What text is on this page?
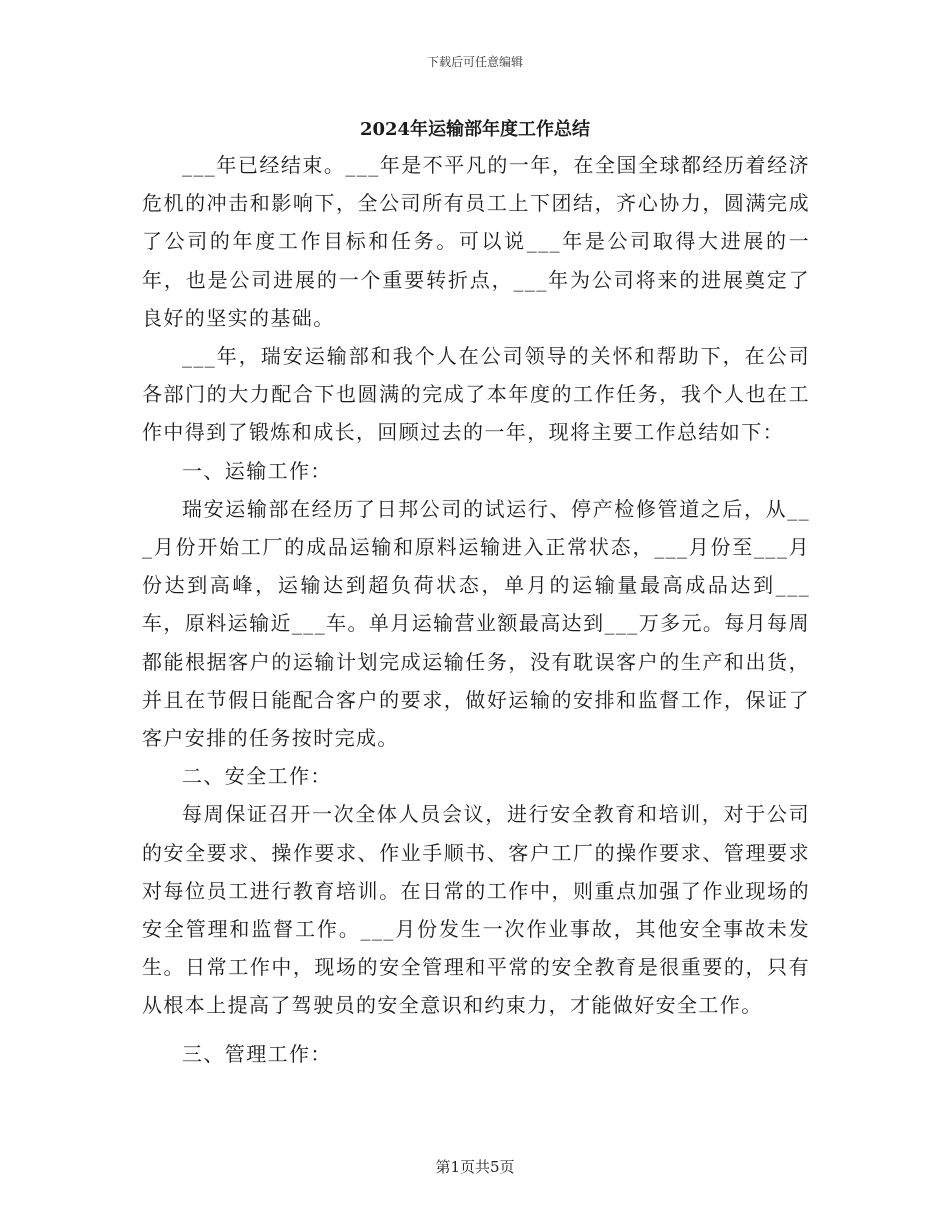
下载后可任意编辑
2024年运输部年度工作总结

___年已经结束。___年是不平凡的一年，在全国全球都经历着经济危机的冲击和影响下，全公司所有员工上下团结，齐心协力，圆满完成了公司的年度工作目标和任务。可以说___年是公司取得大进展的一年，也是公司进展的一个重要转折点，___年为公司将来的进展奠定了良好的坚实的基础。

___年，瑞安运输部和我个人在公司领导的关怀和帮助下，在公司各部门的大力配合下也圆满的完成了本年度的工作任务，我个人也在工作中得到了锻炼和成长，回顾过去的一年，现将主要工作总结如下：

一、运输工作：

瑞安运输部在经历了日邦公司的试运行、停产检修管道之后，从___月份开始工厂的成品运输和原料运输进入正常状态，___月份至___月份达到高峰，运输达到超负荷状态，单月的运输量最高成品达到___车，原料运输近___车。单月运输营业额最高达到___万多元。每月每周都能根据客户的运输计划完成运输任务，没有耽误客户的生产和出货，并且在节假日能配合客户的要求，做好运输的安排和监督工作，保证了客户安排的任务按时完成。

二、安全工作：

每周保证召开一次全体人员会议，进行安全教育和培训，对于公司的安全要求、操作要求、作业手顺书、客户工厂的操作要求、管理要求对每位员工进行教育培训。在日常的工作中，则重点加强了作业现场的安全管理和监督工作。___月份发生一次作业事故，其他安全事故未发生。日常工作中，现场的安全管理和平常的安全教育是很重要的，只有从根本上提高了驾驶员的安全意识和约束力，才能做好安全工作。

三、管理工作：

第1页共5页
